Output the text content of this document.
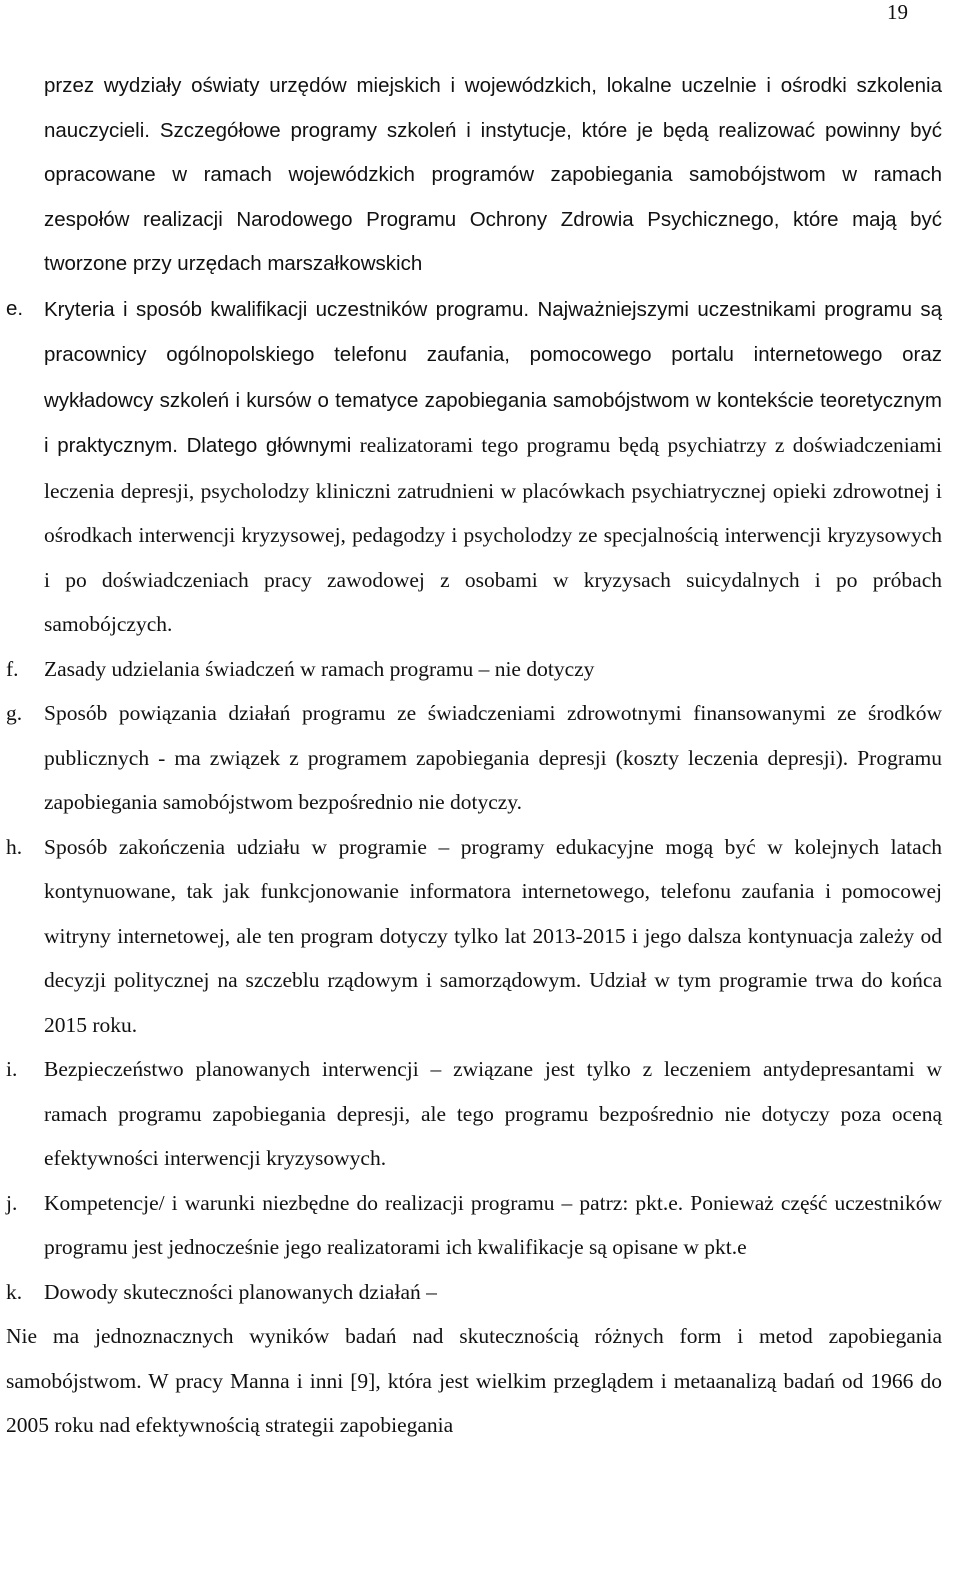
19
przez wydziały oświaty urzędów miejskich i wojewódzkich, lokalne uczelnie i ośrodki szkolenia nauczycieli. Szczegółowe programy szkoleń i instytucje, które je będą realizować powinny być opracowane w ramach wojewódzkich programów zapobiegania samobójstwom w ramach zespołów realizacji Narodowego Programu Ochrony Zdrowia Psychicznego, które mają być tworzone przy urzędach marszałkowskich
e. Kryteria i sposób kwalifikacji uczestników programu. Najważniejszymi uczestnikami programu są pracownicy ogólnopolskiego telefonu zaufania, pomocowego portalu internetowego oraz wykładowcy szkoleń i kursów o tematyce zapobiegania samobójstwom w kontekście teoretycznym i praktycznym. Dlatego głównymi realizatorami tego programu będą psychiatrzy z doświadczeniami leczenia depresji, psycholodzy kliniczni zatrudnieni w placówkach psychiatrycznej opieki zdrowotnej i ośrodkach interwencji kryzysowej, pedagodzy i psycholodzy ze specjalnością interwencji kryzysowych i po doświadczeniach pracy zawodowej z osobami w kryzysach suicydalnych i po próbach samobójczych.
f. Zasady udzielania świadczeń w ramach programu – nie dotyczy
g. Sposób powiązania działań programu ze świadczeniami zdrowotnymi finansowanymi ze środków publicznych - ma związek z programem zapobiegania depresji (koszty leczenia depresji). Programu zapobiegania samobójstwom bezpośrednio nie dotyczy.
h. Sposób zakończenia udziału w programie – programy edukacyjne mogą być w kolejnych latach kontynuowane, tak jak funkcjonowanie informatora internetowego, telefonu zaufania i pomocowej witryny internetowej, ale ten program dotyczy tylko lat 2013-2015 i jego dalsza kontynuacja zależy od decyzji politycznej na szczeblu rządowym i samorządowym. Udział w tym programie trwa do końca 2015 roku.
i. Bezpieczeństwo planowanych interwencji – związane jest tylko z leczeniem antydepresantami w ramach programu zapobiegania depresji, ale tego programu bezpośrednio nie dotyczy poza oceną efektywności interwencji kryzysowych.
j. Kompetencje/ i warunki niezbędne do realizacji programu – patrz: pkt.e. Ponieważ część uczestników programu jest jednocześnie jego realizatorami ich kwalifikacje są opisane w pkt.e
k. Dowody skuteczności planowanych działań –
Nie ma jednoznacznych wyników badań nad skutecznością różnych form i metod zapobiegania samobójstwom. W pracy Manna i inni [9], która jest wielkim przeglądem i metaanalizą badań od 1966 do 2005 roku nad efektywnością strategii zapobiegania
